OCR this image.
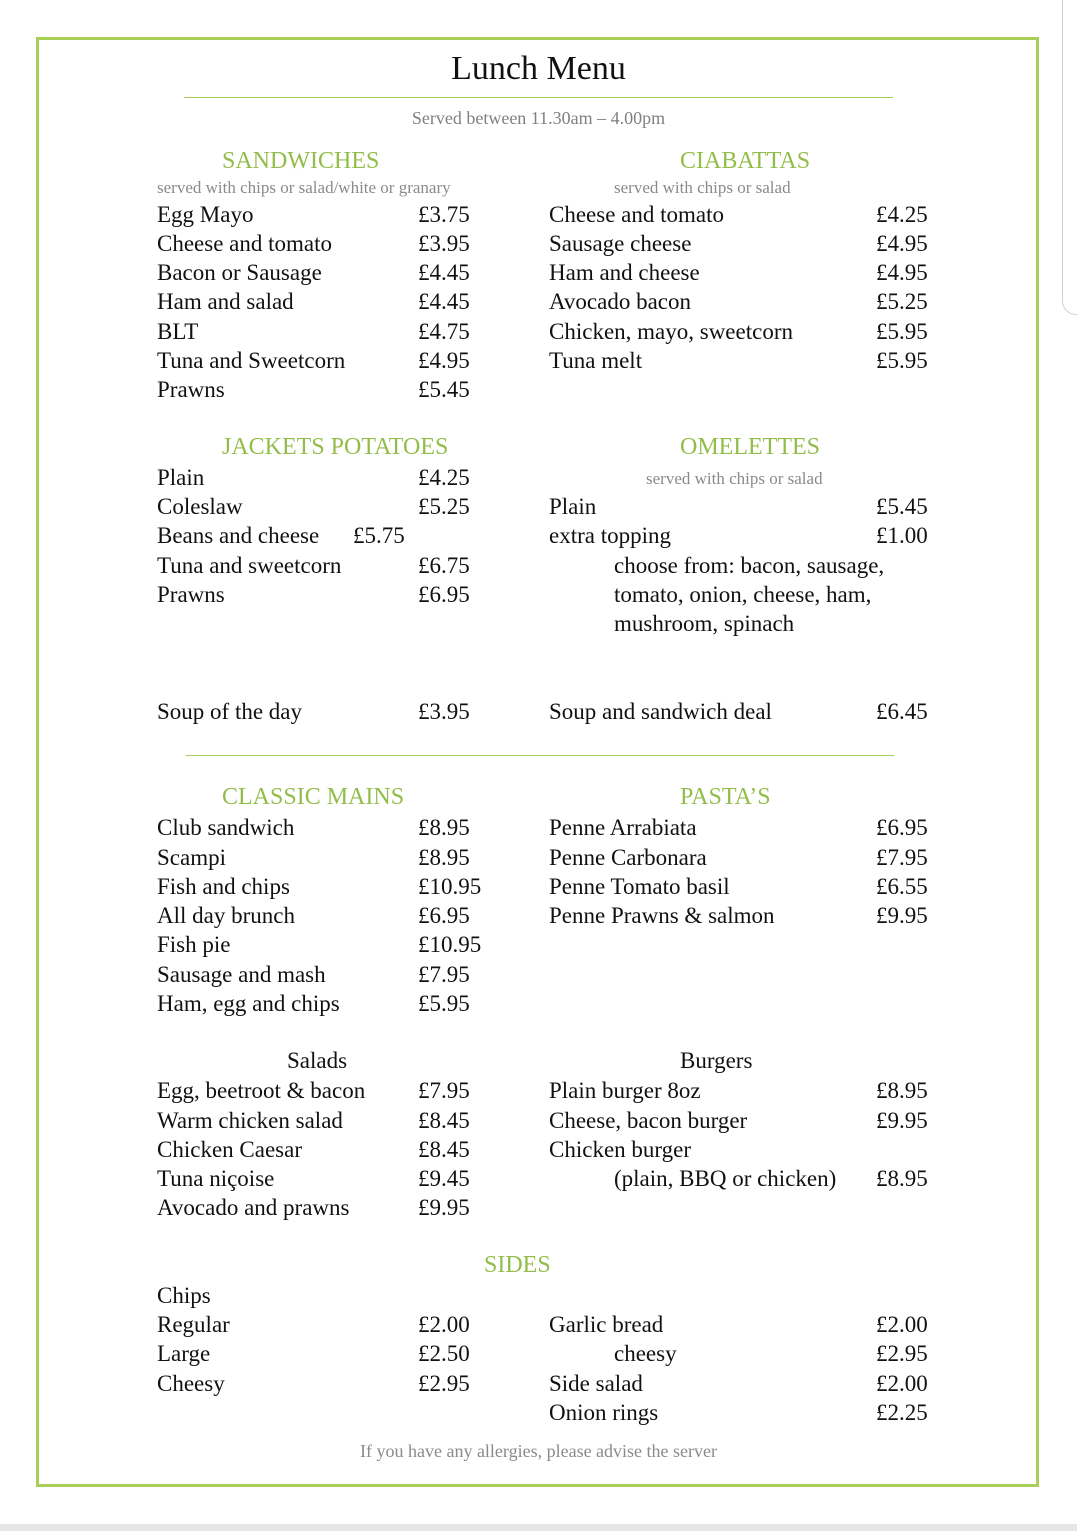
Lunch Menu
Served between 11.30am – 4.00pm
SANDWICHES
served with chips or salad/white or granary
Egg Mayo	£3.75
Cheese and tomato	£3.95
Bacon or Sausage	£4.45
Ham and salad	£4.45
BLT	£4.75
Tuna and Sweetcorn	£4.95
Prawns	£5.45
CIABATTAS
served with chips or salad
Cheese and tomato	£4.25
Sausage cheese	£4.95
Ham and cheese	£4.95
Avocado bacon	£5.25
Chicken, mayo, sweetcorn	£5.95
Tuna melt	£5.95
JACKETS POTATOES
Plain	£4.25
Coleslaw	£5.25
Beans and cheese £5.75
Tuna and sweetcorn	£6.75
Prawns	£6.95
OMELETTES
served with chips or salad
Plain	£5.45
extra topping	£1.00
choose from: bacon, sausage,
tomato, onion, cheese, ham,
mushroom, spinach
Soup of the day	£3.95	Soup and sandwich deal	£6.45
CLASSIC MAINS
Club sandwich	£8.95
Scampi	£8.95
Fish and chips	£10.95
All day brunch	£6.95
Fish pie	£10.95
Sausage and mash	£7.95
Ham, egg and chips	£5.95
PASTA’S
Penne Arrabiata	£6.95
Penne Carbonara	£7.95
Penne Tomato basil	£6.55
Penne Prawns & salmon	£9.95
Salads
Egg, beetroot & bacon £7.95
Warm chicken salad	£8.45
Chicken Caesar	£8.45
Tuna niçoise	£9.45
Avocado and prawns	£9.95
Burgers
Plain burger 8oz	£8.95
Cheese, bacon burger	£9.95
Chicken burger
(plain, BBQ or chicken) £8.95
SIDES
Chips
Regular	£2.00
Large	£2.50
Cheesy	£2.95
Garlic bread	£2.00
cheesy	£2.95
Side salad	£2.00
Onion rings	£2.25
If you have any allergies, please advise the server
